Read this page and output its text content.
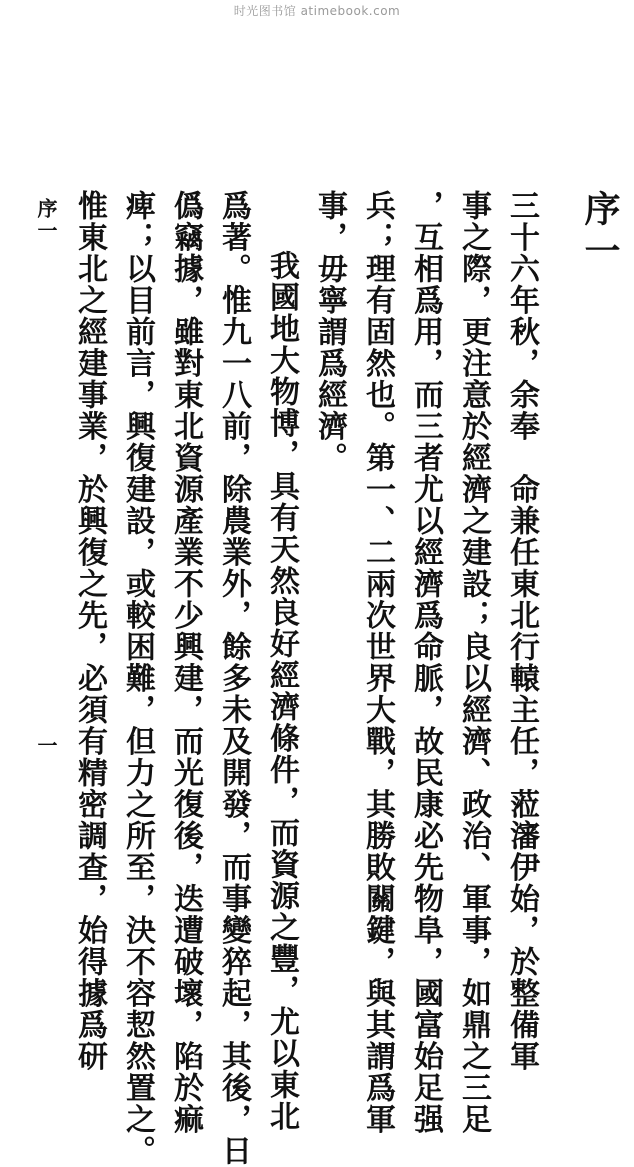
时光图书馆 atimebook.com
序一
三十六年秋，余奉　命兼任東北行轅主任，蒞瀋伊始，於整備軍
事之際，更注意於經濟之建設；良以經濟、政治、軍事，如鼎之三足
，互相爲用，而三者尤以經濟爲命脈，故民康必先物阜，國富始足强
兵；理有固然也。第一、二兩次世界大戰，其勝敗關鍵，與其謂爲軍
事，毋寧謂爲經濟。
我國地大物博，具有天然良好經濟條件，而資源之豐，尤以東北
爲著。惟九一八前，除農業外，餘多未及開發，而事變猝起，其後，日
僞竊據，雖對東北資源產業不少興建，而光復後，迭遭破壞，陷於痲
痺；以目前言，興復建設，或較困難，但力之所至，決不容恝然置之。
惟東北之經建事業，於興復之先，必須有精密調查，始得據爲研
序一
一
